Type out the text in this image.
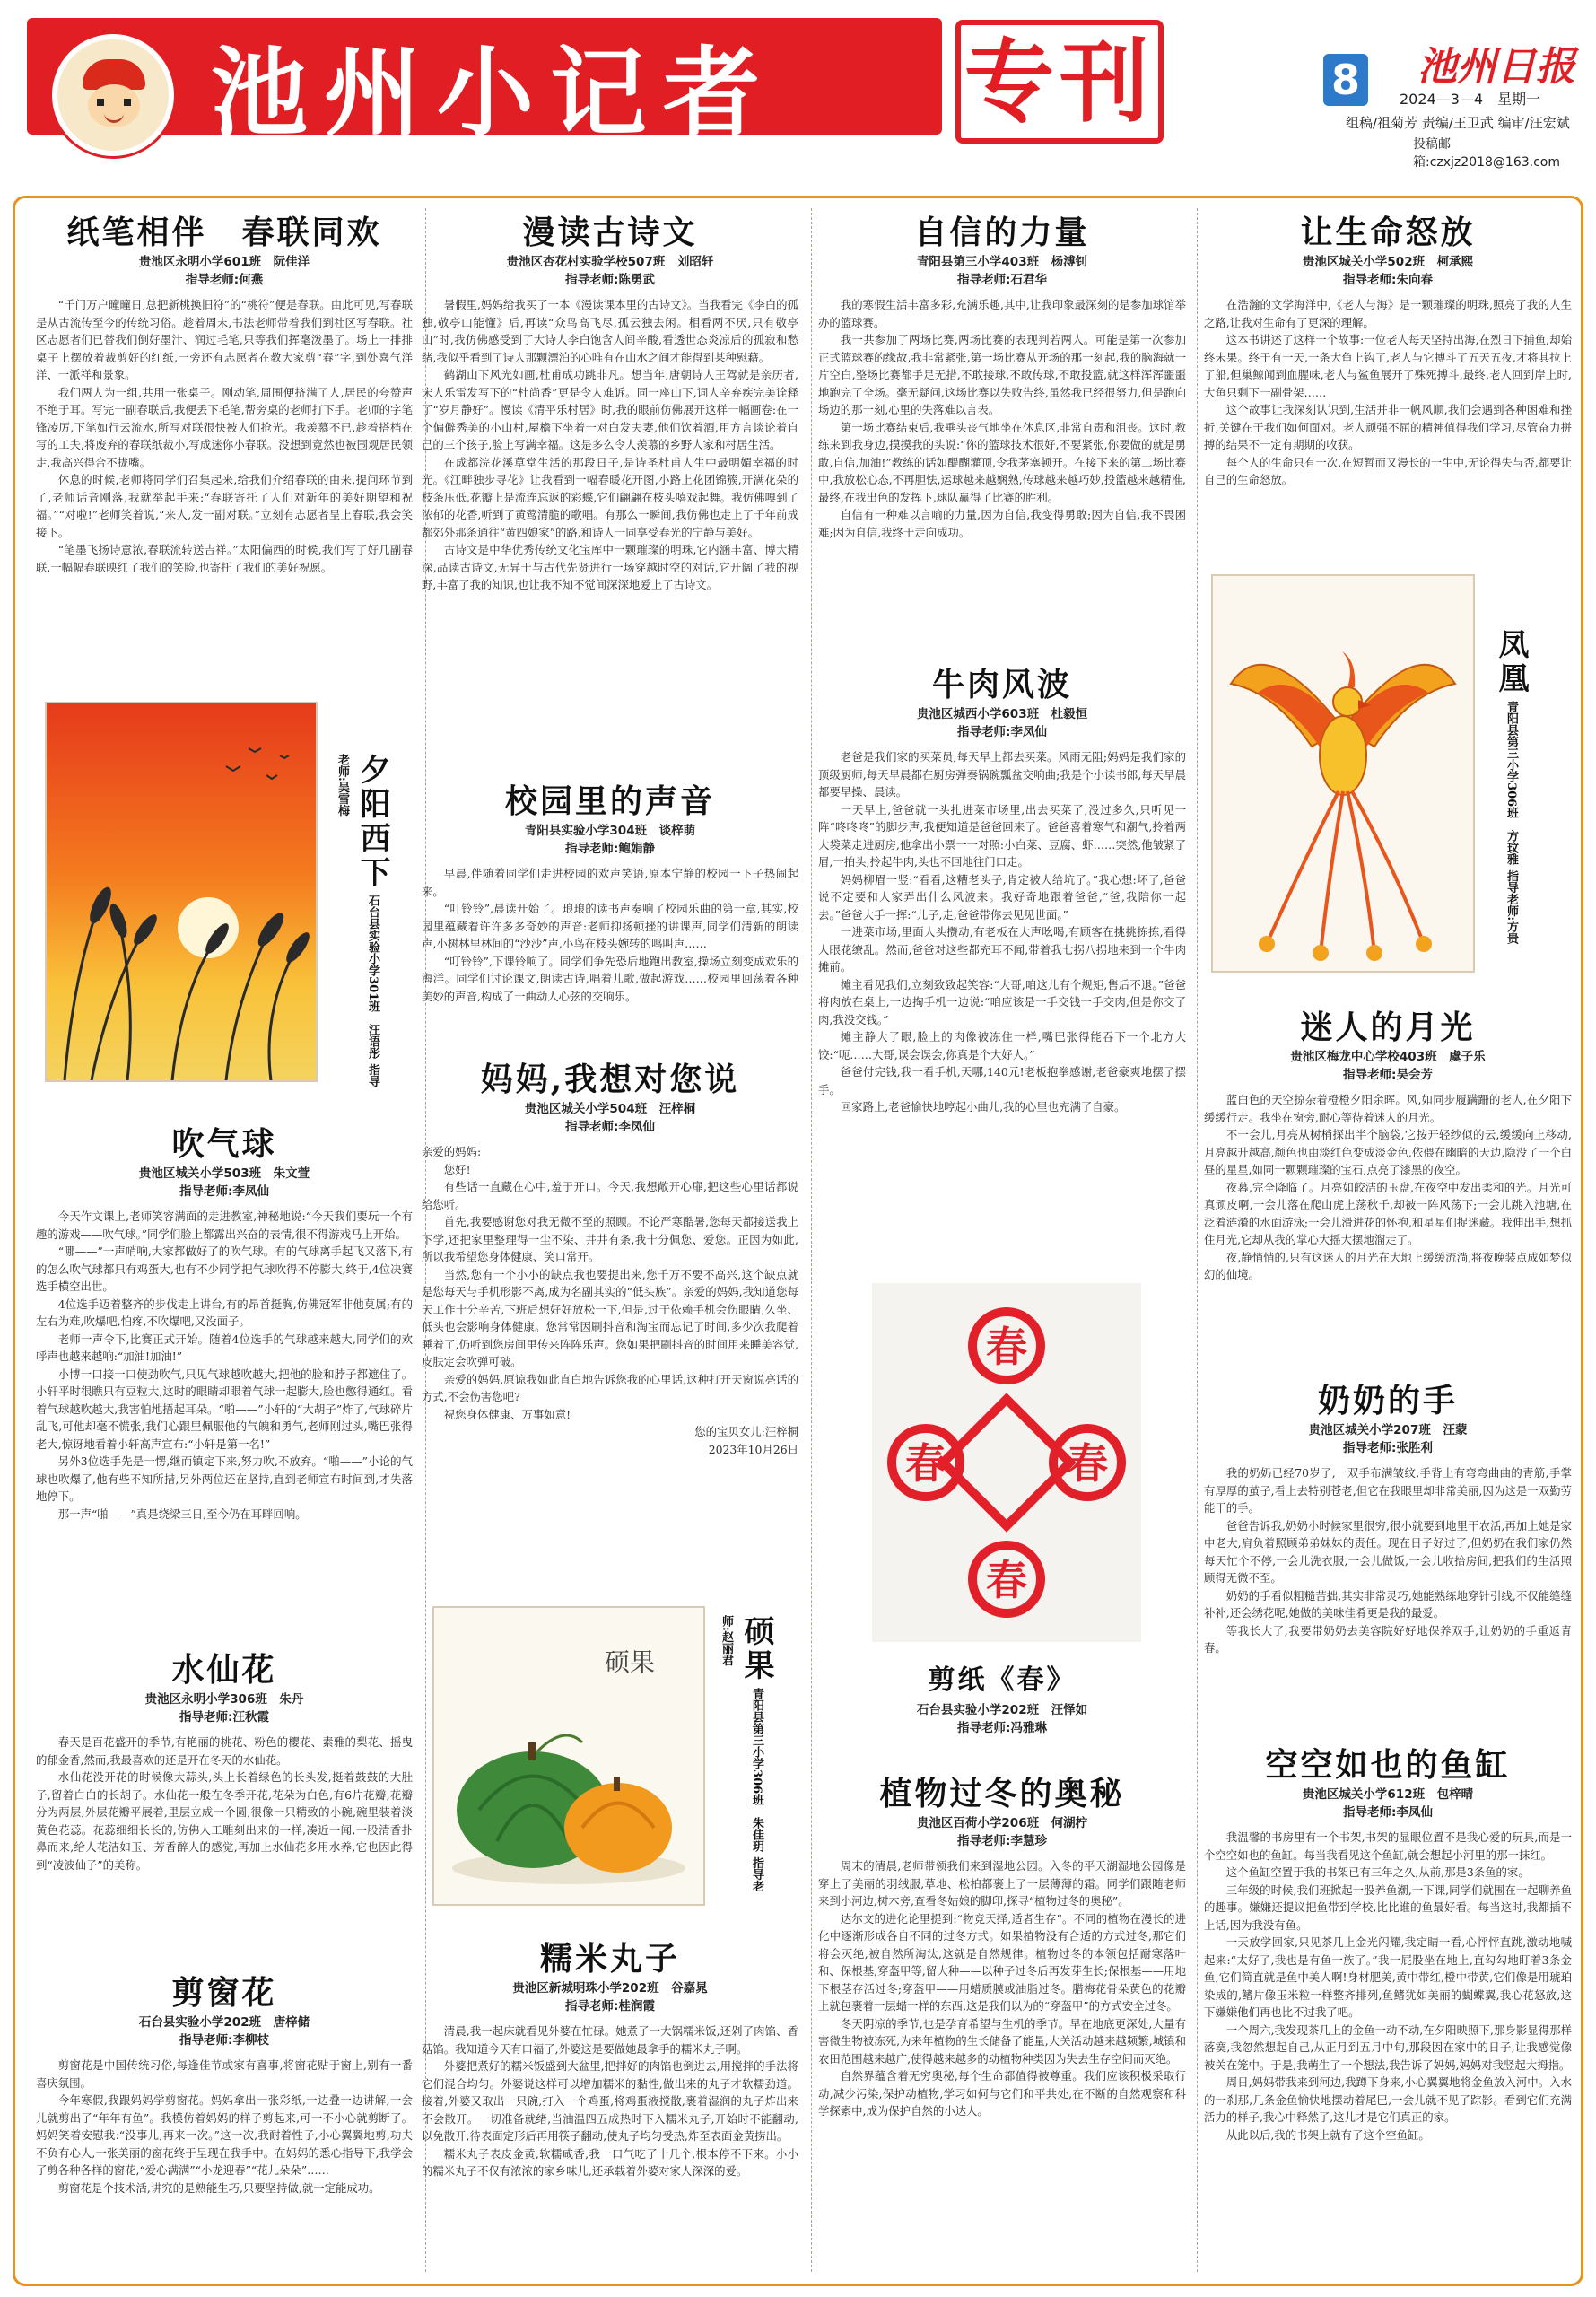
池州小记者 专刊	8 池州日报
2024—3—4　星期一
组稿/祖菊芳 责编/王卫武 编审/汪宏斌
投稿邮箱:czxjz2018@163.com
纸笔相伴　春联同欢
贵池区永明小学601班　阮佳洋
指导老师:何燕

“千门万户曈曈日,总把新桃换旧符”的“桃符”便是春联。由此可见,写春联是从古流传至今的传统习俗。趁着周末,书法老师带着我们到社区写春联。社区志愿者们已替我们倒好墨汁、润过毛笔,只等我们挥毫泼墨了。场上一排排桌子上摆放着裁剪好的红纸,一旁还有志愿者在教大家剪“春”字,到处喜气洋洋、一派祥和景象。

我们两人为一组,共用一张桌子。刚动笔,周围便挤满了人,居民的夸赞声不绝于耳。写完一副春联后,我便丢下毛笔,帮旁桌的老师打下手。老师的字笔锋凌厉,下笔如行云流水,所写对联很快被人们抢光。我羡慕不已,趁着搭档在写的工夫,将废弃的春联纸裁小,写成迷你小春联。没想到竟然也被围观居民领走,我高兴得合不拢嘴。

休息的时候,老师将同学们召集起来,给我们介绍春联的由来,提问环节到了,老师话音刚落,我就举起手来:“春联寄托了人们对新年的美好期望和祝福。”“对啦!”老师笑着说,“来人,发一副对联。”立刻有志愿者呈上春联,我会笑接下。

“笔墨飞扬诗意浓,春联流转送吉祥。”太阳偏西的时候,我们写了好几副春联,一幅幅春联映红了我们的笑脸,也寄托了我们的美好祝愿。

夕阳西下 石台县实验小学301班　汪语彤 指导老师:吴雪梅
吹气球
贵池区城关小学503班　朱文萱
指导老师:李凤仙

今天作文课上,老师笑容满面的走进教室,神秘地说:“今天我们要玩一个有趣的游戏——吹气球。”同学们脸上都露出兴奋的表情,很不得游戏马上开始。

“哪——”一声哨响,大家都做好了的吹气球。有的气球离手起飞又落下,有的怎么吹气球都只有鸡蛋大,也有不少同学把气球吹得不停膨大,终于,4位决赛选手横空出世。

4位选手迈着整齐的步伐走上讲台,有的昂首挺胸,仿佛冠军非他莫属;有的左右为难,吹爆吧,怕疼,不吹爆吧,又没面子。

老师一声令下,比赛正式开始。随着4位选手的气球越来越大,同学们的欢呼声也越来越响:“加油!加油!”

小博一口接一口使劲吹气,只见气球越吹越大,把他的脸和脖子都遮住了。小轩平时很瞧只有豆粒大,这时的眼睛却眼着气球一起膨大,脸也憋得通红。看着气球越吹越大,我害怕地捂起耳朵。“啪——”小轩的“大胡子”炸了,气球碎片乱飞,可他却毫不慌张,我们心跟里佩服他的气魄和勇气,老师刚过头,嘴巴张得老大,惊讶地看着小轩高声宣布:“小轩是第一名!”

另外3位选手先是一愣,继而镇定下来,努力吹,不放弃。“啪——”小论的气球也吹爆了,他有些不知所措,另外两位还在坚持,直到老师宣布时间到,才失落地停下。

那一声“啪——”真是绕梁三日,至今仍在耳畔回响。

水仙花
贵池区永明小学306班　朱丹
指导老师:汪秋霞

春天是百花盛开的季节,有艳丽的桃花、粉色的樱花、素雅的梨花、摇曳的郁金香,然而,我最喜欢的还是开在冬天的水仙花。

水仙花没开花的时候像大蒜头,头上长着绿色的长头发,挺着鼓鼓的大肚子,留着白白的长胡子。水仙花一般在冬季开花,花朵为白色,有6片花瓣,花瓣分为两层,外层花瓣平展着,里层立成一个圆,很像一只精致的小碗,碗里装着淡黄色花蕊。花蕊细细长长的,仿佛人工雕刻出来的一样,凑近一闻,一股清香扑鼻而来,给人花洁如玉、芳香醉人的感觉,再加上水仙花多用水养,它也因此得到“凌波仙子”的美称。

剪窗花
石台县实验小学202班　唐梓储
指导老师:李柳枝

剪窗花是中国传统习俗,每逢佳节或家有喜事,将窗花贴于窗上,别有一番喜庆氛围。

今年寒假,我跟妈妈学剪窗花。妈妈拿出一张彩纸,一边叠一边讲解,一会儿就剪出了“年年有鱼”。我模仿着妈妈的样子剪起来,可一不小心就剪断了。妈妈笑着安慰我:“没事儿,再来一次。”这一次,我耐着性子,小心翼翼地剪,功夫不负有心人,一张美丽的窗花终于呈现在我手中。在妈妈的悉心指导下,我学会了剪各种各样的窗花,“爱心满满”“小龙迎春”“花儿朵朵”……

剪窗花是个技术活,讲究的是熟能生巧,只要坚持做,就一定能成功。

漫读古诗文
贵池区杏花村实验学校507班　刘昭轩
指导老师:陈勇武

暑假里,妈妈给我买了一本《漫读课本里的古诗文》。当我看完《李白的孤独,敬亭山能懂》后,再读“众鸟高飞尽,孤云独去闲。相看两不厌,只有敬亭山”时,我仿佛感受到了大诗人李白饱含人间辛酸,看透世态炎凉后的孤寂和愁绪,我似乎看到了诗人那颗漂泊的心唯有在山水之间才能得到某种慰藉。

鹤湖山下风光如画,杜甫成功跳非凡。想当年,唐朝诗人王驾就是亲历者,宋人乐雷发写下的“杜尚香”更是令人难诉。同一座山下,词人辛弃疾完美诠释了“岁月静好”。慢读《清平乐村居》时,我的眼前仿佛展开这样一幅画卷:在一个偏僻秀美的小山村,屋檐下坐着一对白发夫妻,他们饮着酒,用方言谈论着自己的三个孩子,脸上写满幸福。这是多么令人羡慕的乡野人家和村居生活。

在成都浣花溪草堂生活的那段日子,是诗圣杜甫人生中最明媚幸福的时光。《江畔独步寻花》让我看到一幅春暖花开图,小路上花团锦簇,开满花朵的枝条压低,花瓣上是流连忘返的彩蝶,它们翩翩在枝头嘻戏起舞。我仿佛嗅到了浓郁的花香,听到了黄莺清脆的歌唱。有那么一瞬间,我仿佛也走上了千年前成都郊外那条通往“黄四娘家”的路,和诗人一同享受春光的宁静与美好。

古诗文是中华优秀传统文化宝库中一颗璀璨的明珠,它内涵丰富、博大精深,品读古诗文,无异于与古代先贤进行一场穿越时空的对话,它开阔了我的视野,丰富了我的知识,也让我不知不觉间深深地爱上了古诗文。

校园里的声音
青阳县实验小学304班　谈梓萌
指导老师:鲍娟静

早晨,伴随着同学们走进校园的欢声笑语,原本宁静的校园一下子热闹起来。

“叮铃铃”,晨读开始了。琅琅的读书声奏响了校园乐曲的第一章,其实,校园里蕴藏着许许多多奇妙的声音:老师抑扬顿挫的讲课声,同学们清新的朗读声,小树林里林间的“沙沙”声,小鸟在枝头婉转的鸣叫声……

“叮铃铃”,下课铃响了。同学们争先恐后地跑出教室,操场立刻变成欢乐的海洋。同学们讨论课文,朗读古诗,唱着儿歌,做起游戏……校园里回荡着各种美妙的声音,构成了一曲动人心弦的交响乐。

妈妈,我想对您说
贵池区城关小学504班　汪梓桐
指导老师:李凤仙

亲爱的妈妈:

您好!

有些话一直藏在心中,羞于开口。今天,我想敞开心扉,把这些心里话都说给您听。

首先,我要感谢您对我无微不至的照顾。不论严寒酷暑,您每天都接送我上下学,还把家里整理得一尘不染、井井有条,我十分佩您、爱您。正因为如此,所以我希望您身体健康、笑口常开。

当然,您有一个小小的缺点我也要提出来,您千万不要不高兴,这个缺点就是您每天与手机形影不离,成为名副其实的“低头族”。亲爱的妈妈,我知道您每天工作十分辛苦,下班后想好好放松一下,但是,过于依赖手机会伤眼睛,久坐、低头也会影响身体健康。您常常因刷抖音和淘宝而忘记了时间,多少次我爬着睡着了,仍听到您房间里传来阵阵乐声。您如果把刷抖音的时间用来睡美容觉,皮肤定会吹弹可破。

亲爱的妈妈,原谅我如此直白地告诉您我的心里话,这种打开天窗说亮话的方式,不会伤害您吧?

祝您身体健康、万事如意!

您的宝贝女儿:汪梓桐

2023年10月26日

硕果	硕果 青阳县第三小学306班　朱佳玥 指导老师:赵丽君
糯米丸子
贵池区新城明珠小学202班　谷嘉晁
指导老师:桂润霞

清晨,我一起床就看见外婆在忙碌。她煮了一大锅糯米饭,还剁了肉馅、香菇馅。我知道今天有口福了,外婆这是要做她最拿手的糯米丸子啊。

外婆把煮好的糯米饭盛到大盆里,把拌好的肉馅也倒进去,用搅拌的手法将它们混合均匀。外婆说这样可以增加糯米的黏性,做出来的丸子才软糯劲道。接着,外婆又取出一只碗,打入一个鸡蛋,将鸡蛋液搅散,裹着湿润的丸子炸出来不会散开。一切准备就绪,当油温四五成热时下入糯米丸子,开始时不能翻动,以免散开,待表面定形后再用筷子翻动,使丸子均匀受热,炸至表面金黄捞出。

糯米丸子表皮金黄,软糯咸香,我一口气吃了十几个,根本停不下来。小小的糯米丸子不仅有浓浓的家乡味儿,还承载着外婆对家人深深的爱。

自信的力量
青阳县第三小学403班　杨溥钊
指导老师:石君华

我的寒假生活丰富多彩,充满乐趣,其中,让我印象最深刻的是参加球馆举办的篮球赛。

我一共参加了两场比赛,两场比赛的表现判若两人。可能是第一次参加正式篮球赛的缘故,我非常紧张,第一场比赛从开场的那一刻起,我的脑海就一片空白,整场比赛都手足无措,不敢接球,不敢传球,不敢投篮,就这样浑浑噩噩地跑完了全场。毫无疑问,这场比赛以失败告终,虽然我已经很努力,但是跑向场边的那一刻,心里的失落难以言表。

第一场比赛结束后,我垂头丧气地坐在休息区,非常自责和沮丧。这时,教练来到我身边,摸摸我的头说:“你的篮球技术很好,不要紧张,你要做的就是勇敢,自信,加油!”教练的话如醍醐灌顶,令我茅塞顿开。在接下来的第二场比赛中,我放松心态,不再胆怯,运球越来越娴熟,传球越来越巧妙,投篮越来越精准,最终,在我出色的发挥下,球队赢得了比赛的胜利。

自信有一种难以言喻的力量,因为自信,我变得勇敢;因为自信,我不畏困难;因为自信,我终于走向成功。

牛肉风波
贵池区城西小学603班　杜毅恒
指导老师:李凤仙

老爸是我们家的买菜员,每天早上都去买菜。风雨无阻;妈妈是我们家的顶级厨师,每天早晨都在厨房弹奏锅碗瓢盆交响曲;我是个小读书郎,每天早晨都要早操、晨读。

一天早上,爸爸就一头扎进菜市场里,出去买菜了,没过多久,只听见一阵“咚咚咚”的脚步声,我便知道是爸爸回来了。爸爸喜着寒气和潮气,拎着两大袋菜走进厨房,他拿出小票一一对照:小白菜、豆腐、虾……突然,他皱紧了眉,一拍头,拎起牛肉,头也不回地往门口走。

妈妈柳眉一竖:“看看,这糟老头子,肯定被人给坑了。”我心想:坏了,爸爸说不定要和人家弄出什么风波来。我好奇地跟着爸爸,“爸,我陪你一起去。”爸爸大手一挥:“儿子,走,爸爸带你去见见世面。”

一进菜市场,里面人头攒动,有老板在大声吆喝,有顾客在挑挑拣拣,看得人眼花缭乱。然而,爸爸对这些都充耳不闻,带着我七拐八拐地来到一个牛肉摊前。

摊主看见我们,立刻致致起笑容:“大哥,咱这儿有个规矩,售后不退。”爸爸将肉放在桌上,一边掏手机一边说:“咱应该是一手交钱一手交肉,但是你交了肉,我没交钱。”

摊主静大了眼,脸上的肉像被冻住一样,嘴巴张得能吞下一个北方大饺:“呃……大哥,误会误会,你真是个大好人。”

爸爸付完钱,我一看手机,天哪,140元!老板抱拳感谢,老爸豪爽地摆了摆手。

回家路上,老爸愉快地哼起小曲儿,我的心里也充满了自豪。

春
春
春	春
剪纸《春》
石台县实验小学202班　汪怿如
指导老师:冯雅琳
植物过冬的奥秘
贵池区百荷小学206班　何湖柠
指导老师:李慧珍

周末的清晨,老师带领我们来到湿地公园。入冬的平天湖湿地公园像是穿上了美丽的羽绒服,草地、松柏都裹上了一层薄薄的霜。同学们跟随老师来到小河边,树木旁,查看冬姑娘的脚印,探寻“植物过冬的奥秘”。

达尔文的进化论里提到:“物竞天择,适者生存”。不同的植物在漫长的进化中逐渐形成各自不同的过冬方式。如果植物没有合适的方式过冬,那它们将会灭绝,被自然所淘汰,这就是自然规律。植物过冬的本领包括耐寒落叶和、保根基,穿盔甲等,留大种——以种子过冬后再发芽生长;保根基——用地下根茎存活过冬;穿盔甲——用蜡质膜或油脂过冬。腊梅花骨朵黄色的花瓣上就包裹着一层蜡一样的东西,这是我们以为的“穿盔甲”的方式安全过冬。

冬天阴凉的季节,也是孕育希望与生机的季节。早在地底更深处,大量有害微生物被冻死,为来年植物的生长储备了能量,大关活动越来越频繁,城镇和农田范围越来越广,使得越来越多的动植物种类因为失去生存空间而灭绝。

自然界蕴含着无穷奥秘,每个生命都值得被尊重。我们应该积极采取行动,减少污染,保护动植物,学习如何与它们和平共处,在不断的自然观察和科学探索中,成为保护自然的小达人。

让生命怒放
贵池区城关小学502班　柯承熙
指导老师:朱向春

在浩瀚的文学海洋中,《老人与海》是一颗璀璨的明珠,照亮了我的人生之路,让我对生命有了更深的理解。

这本书讲述了这样一个故事:一位老人每天坚持出海,在烈日下捕鱼,却始终未果。终于有一天,一条大鱼上钩了,老人与它搏斗了五天五夜,才将其拉上了船,但巢鲸闻到血腥味,老人与鲨鱼展开了殊死搏斗,最终,老人回到岸上时,大鱼只剩下一副骨架……

这个故事让我深刻认识到,生活并非一帆风顺,我们会遇到各种困难和挫折,关键在于我们如何面对。老人顽强不屈的精神值得我们学习,尽管奋力拼搏的结果不一定有期期的收获。

每个人的生命只有一次,在短暂而又漫长的一生中,无论得失与否,都要让自己的生命怒放。

凤凰 青阳县第三小学306班　方玟雅 指导老师:方贵
迷人的月光
贵池区梅龙中心学校403班　虞子乐
指导老师:吴会芳

蓝白色的天空掠杂着橙橙夕阳余晖。风,如同步履蹒跚的老人,在夕阳下缓缓行走。我坐在窗旁,耐心等待着迷人的月光。

不一会儿,月亮从树梢探出半个脑袋,它按开轻纱似的云,缓缓向上移动,月亮越升越高,颜色也由淡红色变成淡金色,依偎在幽暗的天边,隐没了一个白昼的星星,如同一颗颗璀璨的宝石,点亮了漆黑的夜空。

夜幕,完全降临了。月亮如皎洁的玉盘,在夜空中发出柔和的光。月光可真顽皮啊,一会儿落在爬山虎上荡秋千,却被一阵风荡下;一会儿跳入池塘,在泛着涟漪的水面游泳;一会儿滑进花的怀抱,和星星们捉迷藏。我伸出手,想抓住月光,它却从我的掌心大摇大摆地溜走了。

夜,静悄悄的,只有这迷人的月光在大地上缓缓流淌,将夜晚装点成如梦似幻的仙境。

奶奶的手
贵池区城关小学207班　汪蒙
指导老师:张胜利

我的奶奶已经70岁了,一双手布满皱纹,手背上有弯弯曲曲的青筋,手掌有厚厚的茧子,看上去特别苍老,但它在我眼里却非常美丽,因为这是一双勤劳能干的手。

爸爸告诉我,奶奶小时候家里很穷,很小就要到地里干农活,再加上她是家中老大,肩负着照顾弟弟妹妹的责任。现在日子好过了,但奶奶在我们家仍然每天忙个不停,一会儿洗衣服,一会儿做饭,一会儿收拾房间,把我们的生活照顾得无微不至。

奶奶的手看似粗糙苦拙,其实非常灵巧,她能熟练地穿针引线,不仅能缝缝补补,还会绣花呢,她做的美味佳肴更是我的最爱。

等我长大了,我要带奶奶去美容院好好地保养双手,让奶奶的手重返青春。

空空如也的鱼缸
贵池区城关小学612班　包梓晴
指导老师:李凤仙

我温馨的书房里有一个书架,书架的显眼位置不是我心爱的玩具,而是一个空空如也的鱼缸。每当我看见这个鱼缸,就会想起小河里的那一抹红。

这个鱼缸空置于我的书架已有三年之久,从前,那是3条鱼的家。

三年级的时候,我们班掀起一股养鱼潮,一下课,同学们就围在一起聊养鱼的趣事。嫌嫌还提议把鱼带到学校,比比谁的鱼最好看。每当这时,我都插不上话,因为我没有鱼。

一天放学回家,只见茶几上金光闪耀,我定睛一看,心怦怦直跳,激动地喊起来:“太好了,我也是有鱼一族了。”我一屁股坐在地上,直勾勾地盯着3条金鱼,它们简直就是鱼中美人啊!身材肥美,黄中带红,橙中带黄,它们像是用琥珀染成的,鳍片像玉米粒一样整齐排列,鱼鳍犹如美丽的蝴蝶翼,我心花怒放,这下嫌嫌他们再也比不过我了吧。

一个周六,我发现茶几上的金鱼一动不动,在夕阳映照下,那身影显得那样落寞,我忽然想起自己,从正月到五月中旬,那段因在家中的日子,让我感觉像被关在笼中。于是,我萌生了一个想法,我告诉了妈妈,妈妈对我竖起大拇指。

周日,妈妈带我来到河边,我蹲下身来,小心翼翼地将金鱼放入河中。入水的一刹那,几条金鱼愉快地摆动着尾巴,一会儿就不见了踪影。看到它们充满活力的样子,我心中释然了,这儿才是它们真正的家。

从此以后,我的书架上就有了这个空鱼缸。
